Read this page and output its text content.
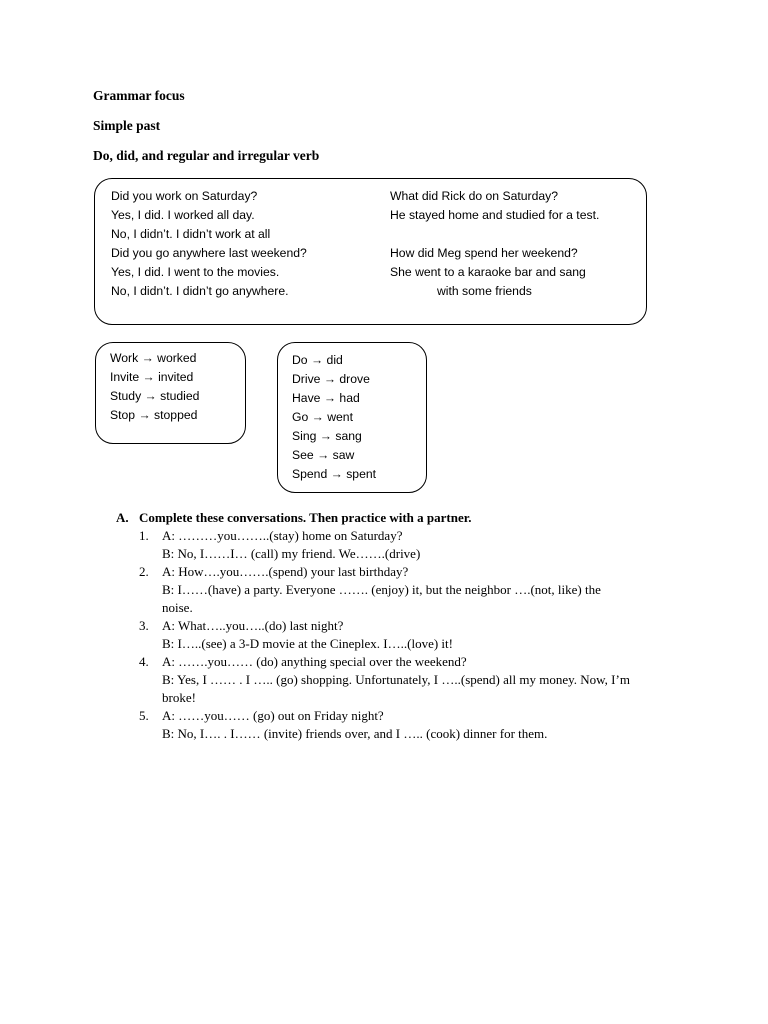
Grammar focus
Simple past
Do, did, and regular and irregular verb
Did you work on Saturday?
Yes, I did. I worked all day.
No, I didn’t. I didn’t work at all
Did you go anywhere last weekend?
Yes, I did. I went to the movies.
No, I didn’t. I didn’t go anywhere.
What did Rick do on Saturday?
He stayed home and studied for a test.
How did Meg spend her weekend?
She went to a karaoke bar and sang
with some friends
Work → worked
Invite → invited
Study → studied
Stop → stopped
Do → did
Drive → drove
Have → had
Go → went
Sing → sang
See → saw
Spend → spent
A. Complete these conversations. Then practice with a partner.
1. A: ………you……..(stay) home on Saturday?
B: No, I……I… (call) my friend. We…….(drive)
2. A: How….you…….(spend) your last birthday?
B: I……(have) a party. Everyone ……. (enjoy) it, but the neighbor ….(not, like) the
noise.
3. A: What…..you…..(do) last night?
B: I…..(see) a 3-D movie at the Cineplex. I…..(love) it!
4. A: …….you…… (do) anything special over the weekend?
B: Yes, I …… . I ….. (go) shopping. Unfortunately, I …..(spend) all my money. Now, I’m
broke!
5. A: ……you…… (go) out on Friday night?
B: No, I…. . I…… (invite) friends over, and I ….. (cook) dinner for them.
